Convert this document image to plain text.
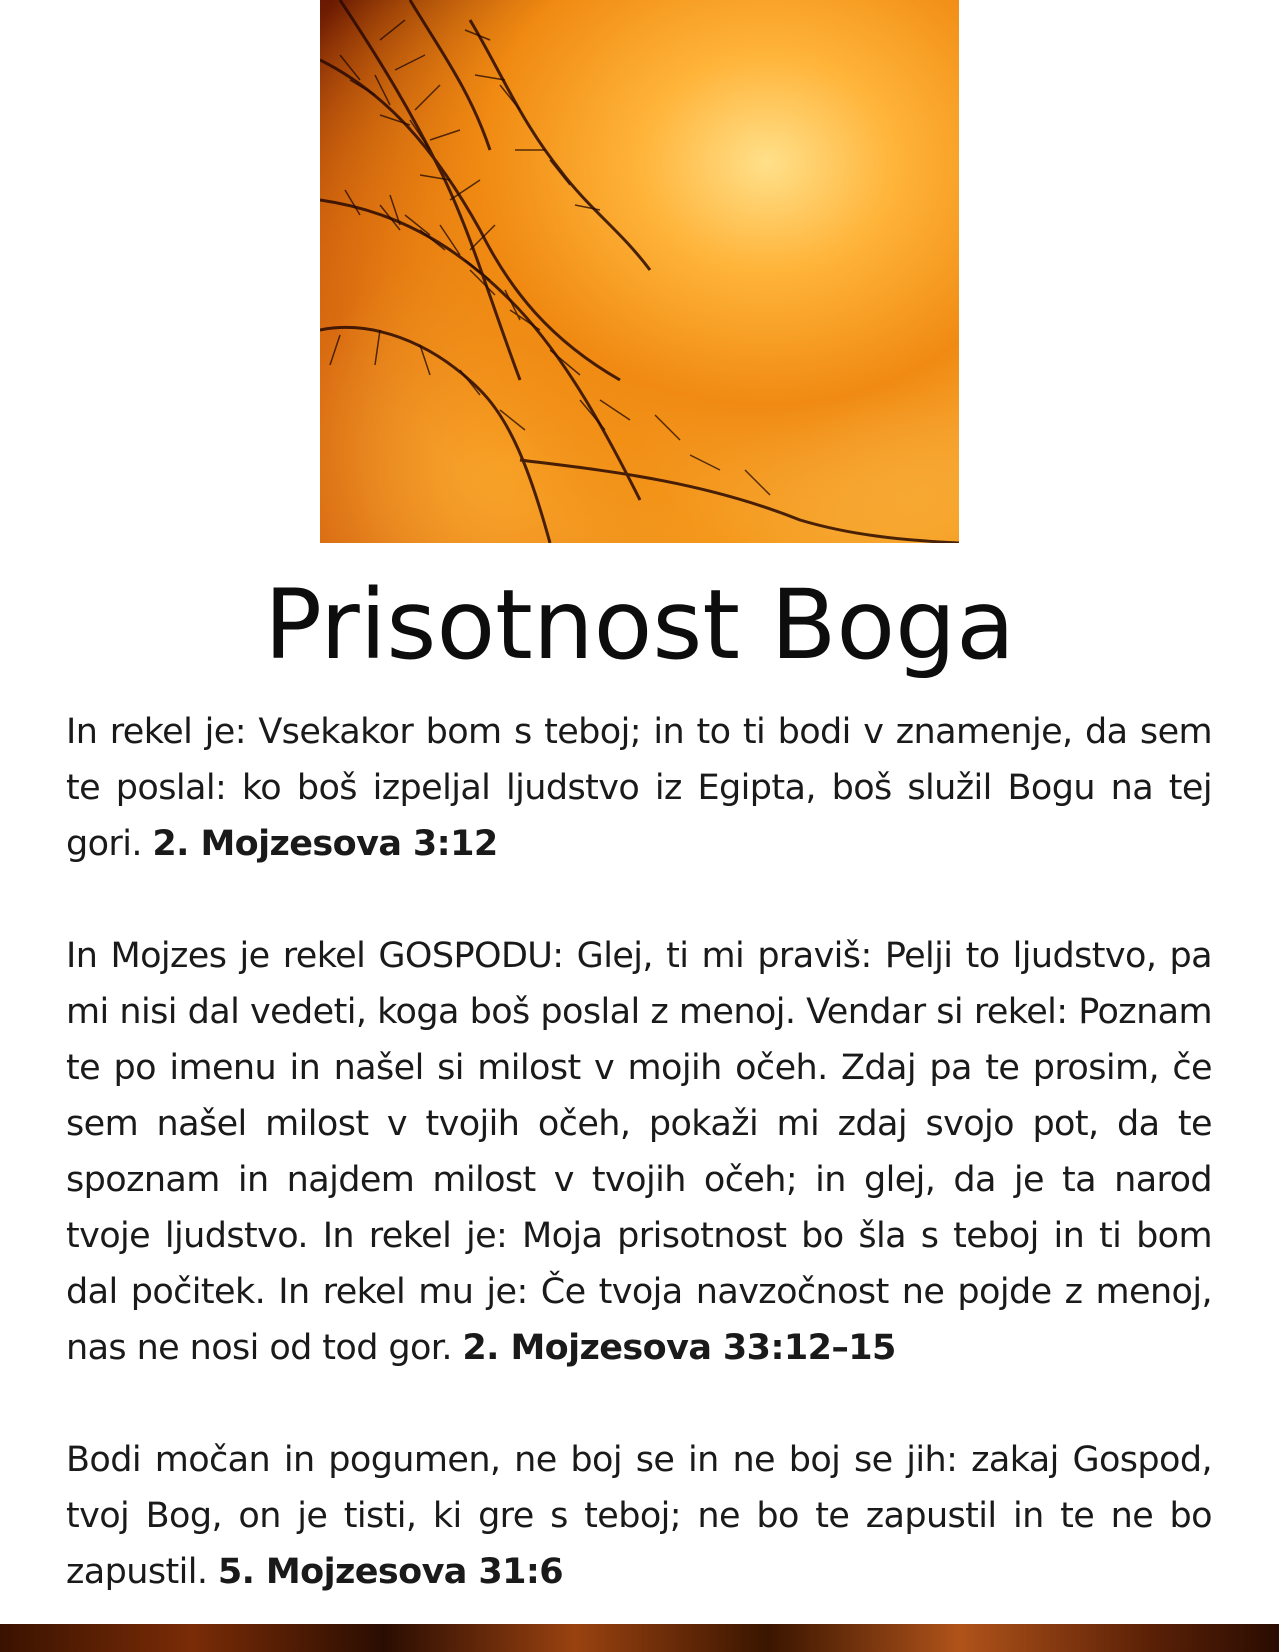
Prisotnost Boga

In rekel je: Vsekakor bom s teboj; in to ti bodi v znamenje, da sem te poslal: ko boš izpeljal ljudstvo iz Egipta, boš služil Bogu na tej gori. 2. Mojzesova 3:12

In Mojzes je rekel GOSPODU: Glej, ti mi praviš: Pelji to ljudstvo, pa mi nisi dal vedeti, koga boš poslal z menoj. Vendar si rekel: Poznam te po imenu in našel si milost v mojih očeh. Zdaj pa te prosim, če sem našel milost v tvojih očeh, pokaži mi zdaj svojo pot, da te spoznam in najdem milost v tvojih očeh; in glej, da je ta narod tvoje ljudstvo. In rekel je: Moja prisotnost bo šla s teboj in ti bom dal počitek. In rekel mu je: Če tvoja navzočnost ne pojde z menoj, nas ne nosi od tod gor. 2. Mojzesova 33:12–15

Bodi močan in pogumen, ne boj se in ne boj se jih: zakaj Gospod, tvoj Bog, on je tisti, ki gre s teboj; ne bo te zapustil in te ne bo zapustil. 5. Mojzesova 31:6
